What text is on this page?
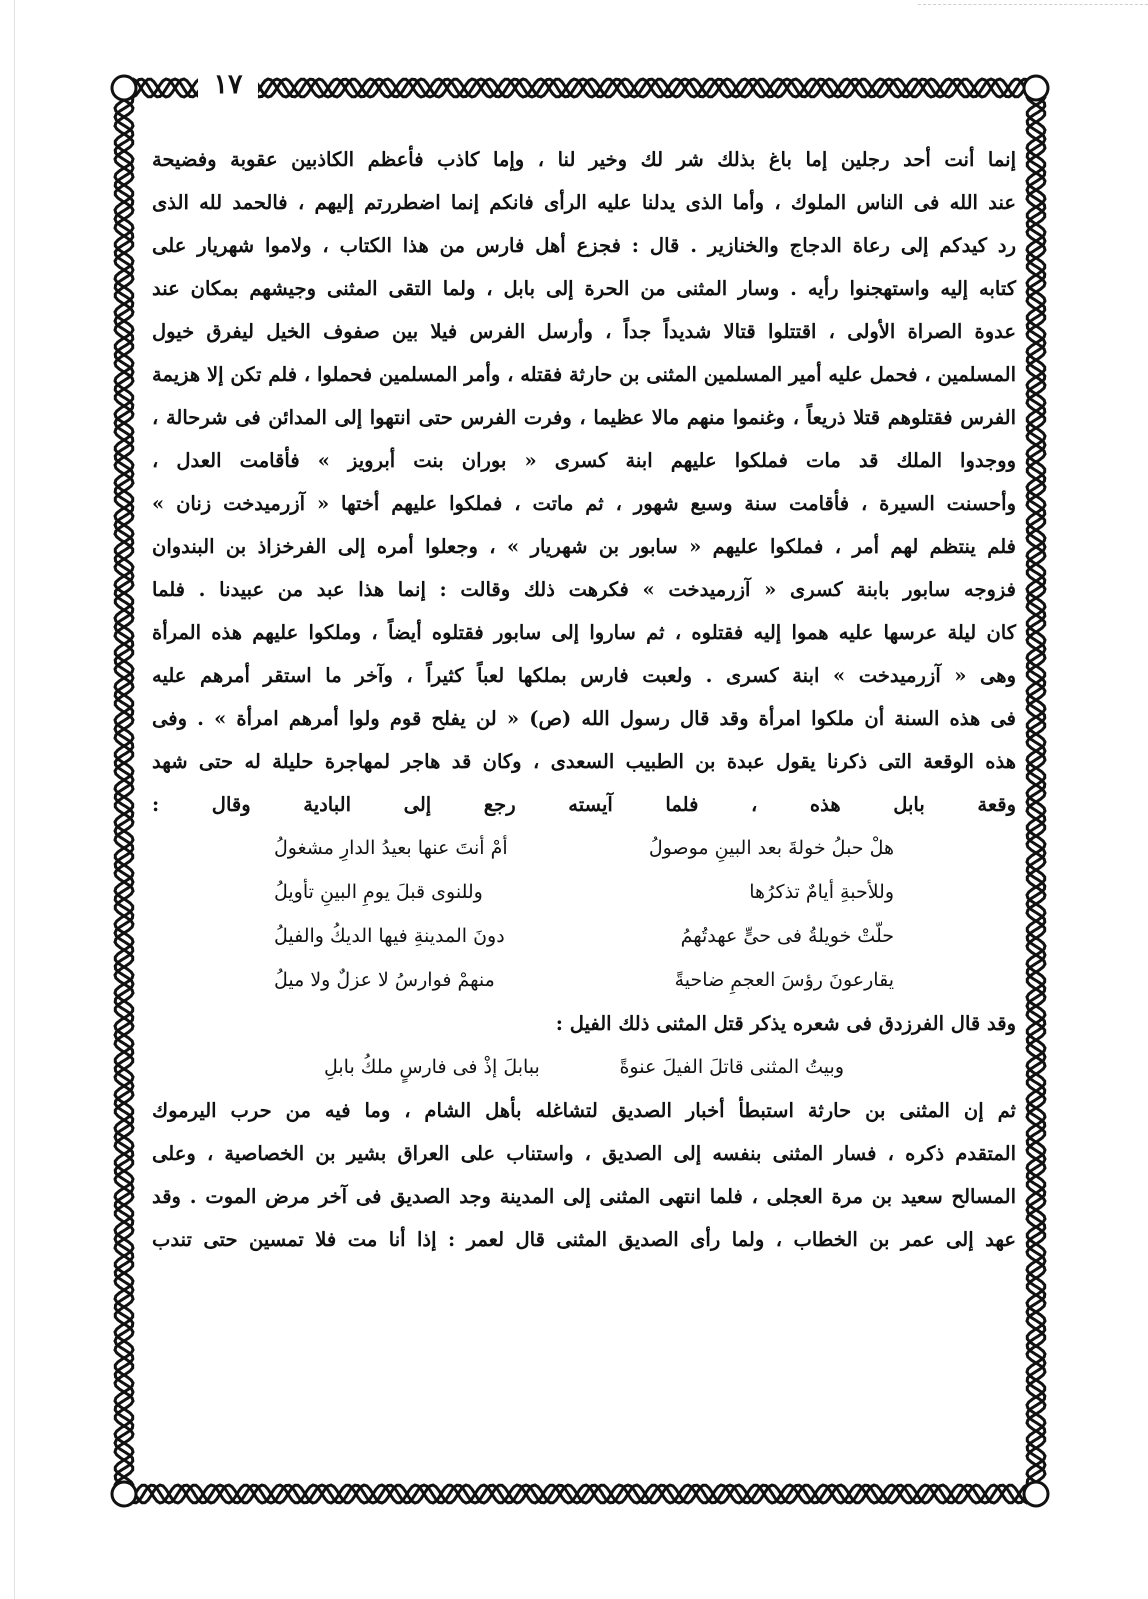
١٧
إنما أنت أحد رجلين إما باغ بذلك شر لك وخير لنا ، وإما كاذب فأعظم الكاذبين عقوبة وفضيحة
عند الله فى الناس الملوك ، وأما الذى يدلنا عليه الرأى فانكم إنما اضطررتم إليهم ، فالحمد لله الذى
رد كيدكم إلى رعاة الدجاج والخنازير . قال : فجزع أهل فارس من هذا الكتاب ، ولاموا شهريار على
كتابه إليه واستهجنوا رأيه . وسار المثنى من الحرة إلى بابل ، ولما التقى المثنى وجيشهم بمكان عند
عدوة الصراة الأولى ، اقتتلوا قتالا شديداً جداً ، وأرسل الفرس فيلا بين صفوف الخيل ليفرق خيول
المسلمين ، فحمل عليه أمير المسلمين المثنى بن حارثة فقتله ، وأمر المسلمين فحملوا ، فلم تكن إلا هزيمة
الفرس فقتلوهم قتلا ذريعاً ، وغنموا منهم مالا عظيما ، وفرت الفرس حتى انتهوا إلى المدائن فى شرحالة ،
ووجدوا الملك قد مات فملكوا عليهم ابنة كسرى « بوران بنت أبرويز » فأقامت العدل ،
وأحسنت السيرة ، فأقامت سنة وسبع شهور ، ثم ماتت ، فملكوا عليهم أختها « آزرميدخت زنان »
فلم ينتظم لهم أمر ، فملكوا عليهم « سابور بن شهريار » ، وجعلوا أمره إلى الفرخزاذ بن البندوان
فزوجه سابور بابنة كسرى « آزرميدخت » فكرهت ذلك وقالت : إنما هذا عبد من عبيدنا . فلما
كان ليلة عرسها عليه هموا إليه فقتلوه ، ثم ساروا إلى سابور فقتلوه أيضاً ، وملكوا عليهم هذه المرأة
وهى « آزرميدخت » ابنة كسرى . ولعبت فارس بملكها لعباً كثيراً ، وآخر ما استقر أمرهم عليه
فى هذه السنة أن ملكوا امرأة وقد قال رسول الله (ص) « لن يفلح قوم ولوا أمرهم امرأة » . وفى
هذه الوقعة التى ذكرنا يقول عبدة بن الطبيب السعدى ، وكان قد هاجر لمهاجرة حليلة له حتى شهد
وقعة بابل هذه ، فلما آيسته رجع إلى البادية وقال :
هلْ حبلُ خولةَ بعد البينِ موصولُ
أمْ أنتَ عنها بعيدُ الدارِ مشغولُ
وللأحبةِ أيامٌ تذكرُها
وللنوى قبلَ يومِ البينِ تأويلُ
حلّتْ خويلةُ فى حىٍّ عهدتُهمُ
دونَ المدينةِ فيها الديكُ والفيلُ
يقارعونَ رؤسَ العجمِ ضاحيةً
منهمْ فوارسُ لا عزلٌ ولا ميلُ
وقد قال الفرزدق فى شعره يذكر قتل المثنى ذلك الفيل :
وبيتُ المثنى قاتلَ الفيلَ عنوةً
ببابلَ إذْ فى فارسٍ ملكُ بابلِ
ثم إن المثنى بن حارثة استبطأ أخبار الصديق لتشاغله بأهل الشام ، وما فيه من حرب اليرموك
المتقدم ذكره ، فسار المثنى بنفسه إلى الصديق ، واستناب على العراق بشير بن الخصاصية ، وعلى
المسالح سعيد بن مرة العجلى ، فلما انتهى المثنى إلى المدينة وجد الصديق فى آخر مرض الموت . وقد
عهد إلى عمر بن الخطاب ، ولما رأى الصديق المثنى قال لعمر : إذا أنا مت فلا تمسين حتى تندب
